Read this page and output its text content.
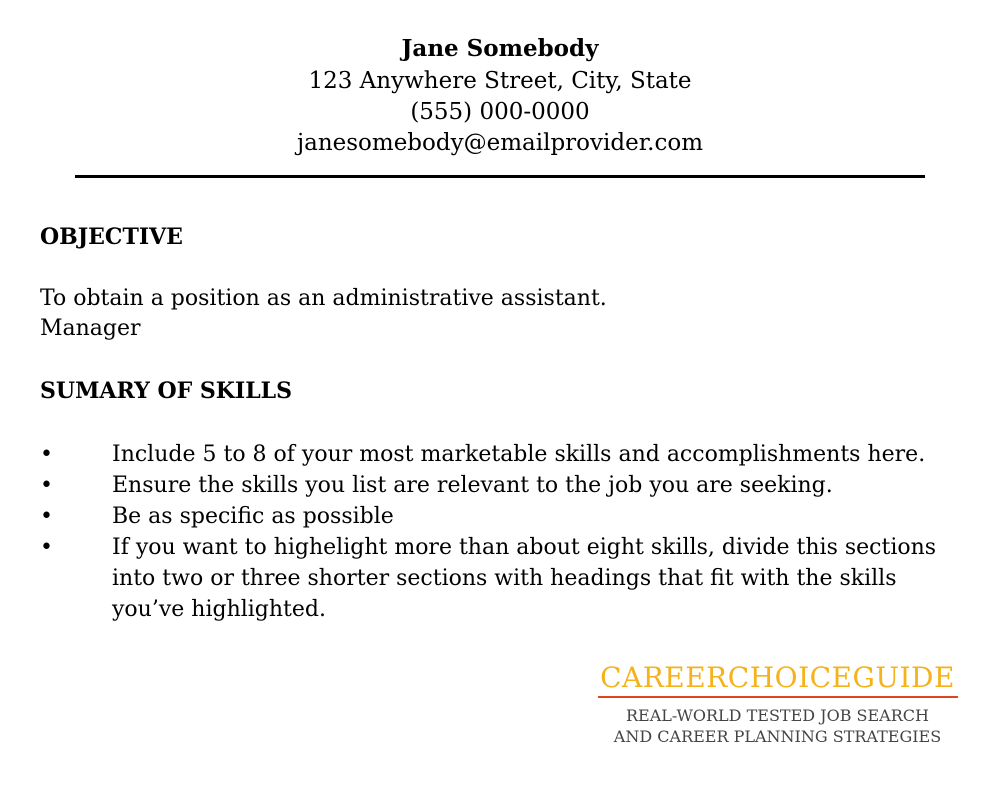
Jane Somebody
123 Anywhere Street, City, State
(555) 000-0000
janesomebody@emailprovider.com
OBJECTIVE
To obtain a position as an administrative assistant.
Manager
SUMARY OF SKILLS
•	Include 5 to 8 of your most marketable skills and accomplishments here.
•	Ensure the skills you list are relevant to the job you are seeking.
•	Be as specific as possible
•	If you want to highelight more than about eight skills, divide this sections into two or three shorter sections with headings that fit with the skills you’ve highlighted.
CAREERCHOICEGUIDE
REAL-WORLD TESTED JOB SEARCH
AND CAREER PLANNING STRATEGIES
